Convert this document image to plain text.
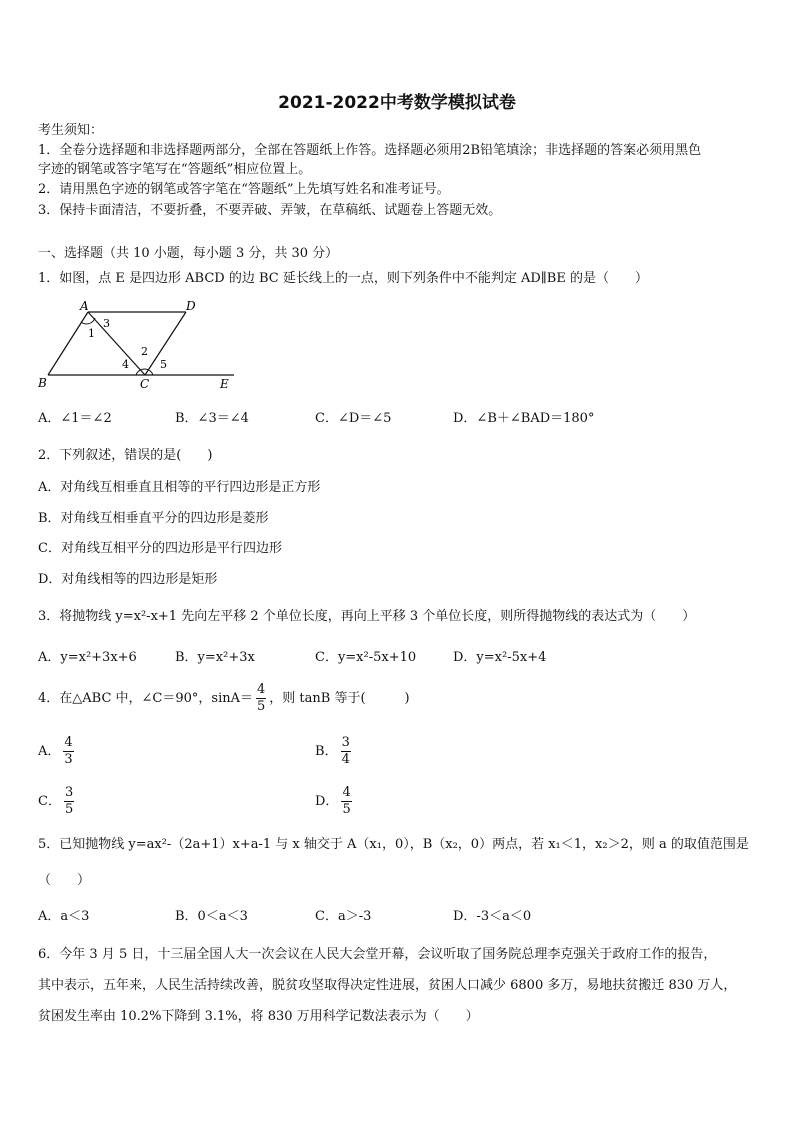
2021-2022中考数学模拟试卷
考生须知：
1．全卷分选择题和非选择题两部分，全部在答题纸上作答。选择题必须用2B铅笔填涂；非选择题的答案必须用黑色
字迹的钢笔或答字笔写在“答题纸”相应位置上。
2．请用黑色字迹的钢笔或答字笔在“答题纸”上先填写姓名和准考证号。
3．保持卡面清洁，不要折叠，不要弄破、弄皱，在草稿纸、试题卷上答题无效。
一、选择题（共 10 小题，每小题 3 分，共 30 分）
1．如图，点 E 是四边形 ABCD 的边 BC 延长线上的一点，则下列条件中不能判定 AD∥BE 的是（　　）
A	D
B	C	E
1
2
3
4	5
A．∠1＝∠2	B．∠3＝∠4	C．∠D＝∠5	D．∠B＋∠BAD＝180°
2．下列叙述，错误的是(　　)
A．对角线互相垂直且相等的平行四边形是正方形
B．对角线互相垂直平分的四边形是菱形
C．对角线互相平分的四边形是平行四边形
D．对角线相等的四边形是矩形
3．将抛物线 y=x²-x+1 先向左平移 2 个单位长度，再向上平移 3 个单位长度，则所得抛物线的表达式为（　　）
A．y=x²+3x+6	B．y=x²+3x	C．y=x²-5x+10	D．y=x²-5x+4
4．在△ABC 中，∠C＝90°，$\sin A= \frac{4}{5}$ ，则 tanB 等于(　　　)
A． $\frac{4}{3}$	B． $\frac{3}{4}$
C． $\frac{3}{5}$	D． $\frac{4}{5}$
5．已知抛物线 y=ax²-（2a+1）x+a-1 与 x 轴交于 A（x₁，0），B（x₂，0）两点，若 x₁＜1，x₂＞2，则 a 的取值范围是
（　　）
A．a＜3	B．0＜a＜3	C．a＞-3	D．-3＜a＜0
6．今年 3 月 5 日，十三届全国人大一次会议在人民大会堂开幕，会议听取了国务院总理李克强关于政府工作的报告，
其中表示，五年来，人民生活持续改善，脱贫攻坚取得决定性进展，贫困人口减少 6800 多万，易地扶贫搬迁 830 万人，
贫困发生率由 10.2%下降到 3.1%，将 830 万用科学记数法表示为（　　）
